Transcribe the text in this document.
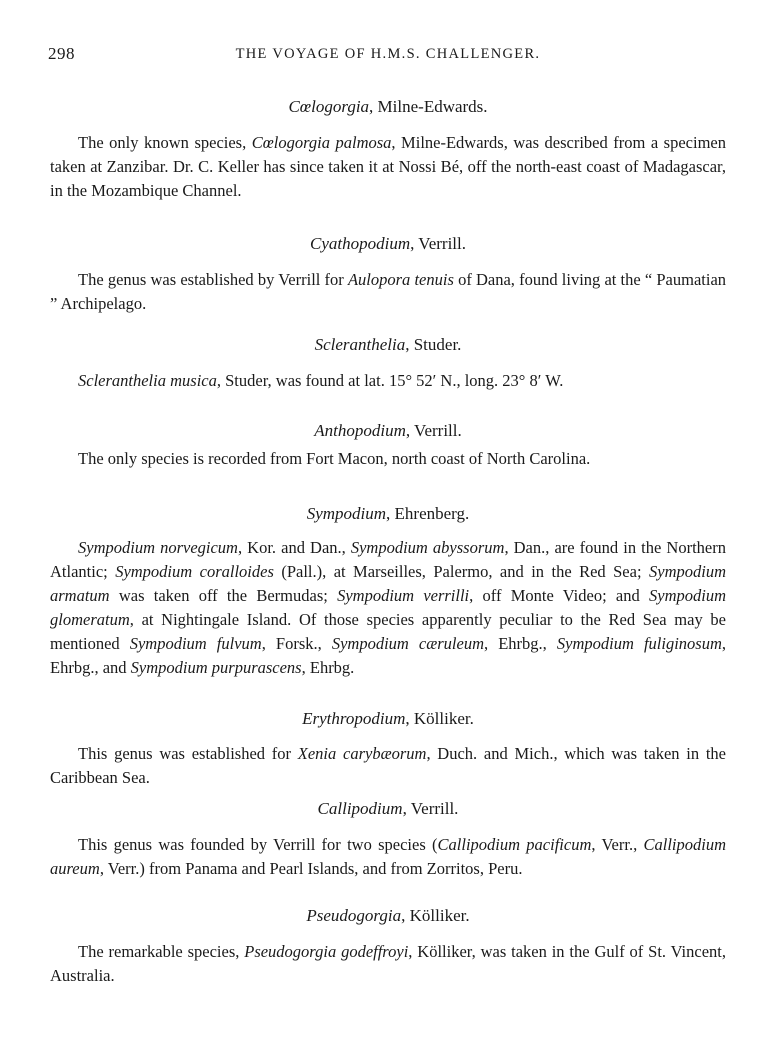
298	THE VOYAGE OF H.M.S. CHALLENGER.

Cœlogorgia, Milne-Edwards.

The only known species, Cœlogorgia palmosa, Milne-Edwards, was described from a specimen taken at Zanzibar. Dr. C. Keller has since taken it at Nossi Bé, off the north-east coast of Madagascar, in the Mozambique Channel.

Cyathopodium, Verrill.

The genus was established by Verrill for Aulopora tenuis of Dana, found living at the “ Paumatian ” Archipelago.

Scleranthelia, Studer.

Scleranthelia musica, Studer, was found at lat. 15° 52′ N., long. 23° 8′ W.

Anthopodium, Verrill.

The only species is recorded from Fort Macon, north coast of North Carolina.

Sympodium, Ehrenberg.

Sympodium norvegicum, Kor. and Dan., Sympodium abyssorum, Dan., are found in the Northern Atlantic; Sympodium coralloides (Pall.), at Marseilles, Palermo, and in the Red Sea; Sympodium armatum was taken off the Bermudas; Sympodium verrilli, off Monte Video; and Sympodium glomeratum, at Nightingale Island. Of those species apparently peculiar to the Red Sea may be mentioned Sympodium fulvum, Forsk., Sympodium cæruleum, Ehrbg., Sympodium fuliginosum, Ehrbg., and Sympodium purpurascens, Ehrbg.

Erythropodium, Kölliker.

This genus was established for Xenia carybæorum, Duch. and Mich., which was taken in the Caribbean Sea.

Callipodium, Verrill.

This genus was founded by Verrill for two species (Callipodium pacificum, Verr., Callipodium aureum, Verr.) from Panama and Pearl Islands, and from Zorritos, Peru.

Pseudogorgia, Kölliker.

The remarkable species, Pseudogorgia godeffroyi, Kölliker, was taken in the Gulf of St. Vincent, Australia.
